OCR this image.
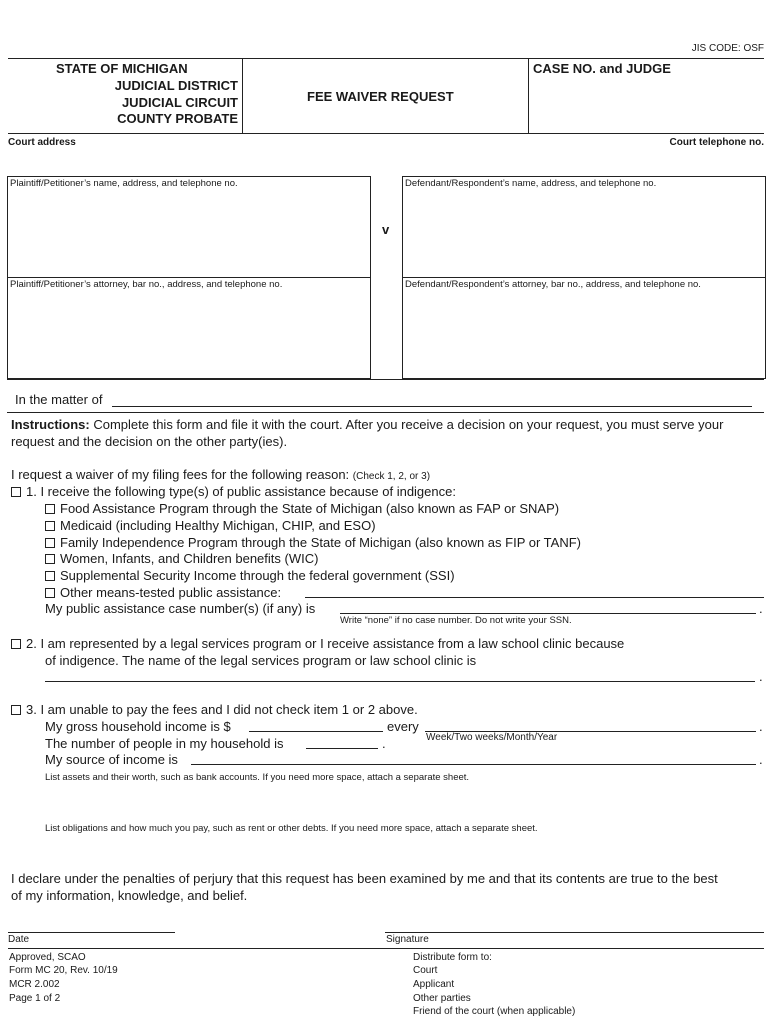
JIS CODE: OSF
STATE OF MICHIGAN
JUDICIAL DISTRICT
JUDICIAL CIRCUIT
COUNTY PROBATE
FEE WAIVER REQUEST
CASE NO. and JUDGE
Court address	Court telephone no.
Plaintiff/Petitioner’s name, address, and telephone no.	Defendant/Respondent’s name, address, and telephone no.
Plaintiff/Petitioner’s attorney, bar no., address, and telephone no.	Defendant/Respondent’s attorney, bar no., address, and telephone no.
v
In the matter of
Instructions: Complete this form and file it with the court. After you receive a decision on your request, you must serve your
request and the decision on the other party(ies).
I request a waiver of my filing fees for the following reason: (Check 1, 2, or 3)
1. I receive the following type(s) of public assistance because of indigence:
Food Assistance Program through the State of Michigan (also known as FAP or SNAP)
Medicaid (including Healthy Michigan, CHIP, and ESO)
Family Independence Program through the State of Michigan (also known as FIP or TANF)
Women, Infants, and Children benefits (WIC)
Supplemental Security Income through the federal government (SSI)
Other means-tested public assistance:
My public assistance case number(s) (if any) is	.
Write “none” if no case number. Do not write your SSN.
2. I am represented by a legal services program or I receive assistance from a law school clinic because
of indigence. The name of the legal services program or law school clinic is
.
3. I am unable to pay the fees and I did not check item 1 or 2 above.
My gross household income is $	every	.
Week/Two weeks/Month/Year
The number of people in my household is	.
My source of income is	.
List assets and their worth, such as bank accounts. If you need more space, attach a separate sheet.
List obligations and how much you pay, such as rent or other debts. If you need more space, attach a separate sheet.
I declare under the penalties of perjury that this request has been examined by me and that its contents are true to the best
of my information, knowledge, and belief.
Date	Signature
Approved, SCAO
Form MC 20, Rev. 10/19
MCR 2.002
Page 1 of 2
Distribute form to:
Court
Applicant
Other parties
Friend of the court (when applicable)
